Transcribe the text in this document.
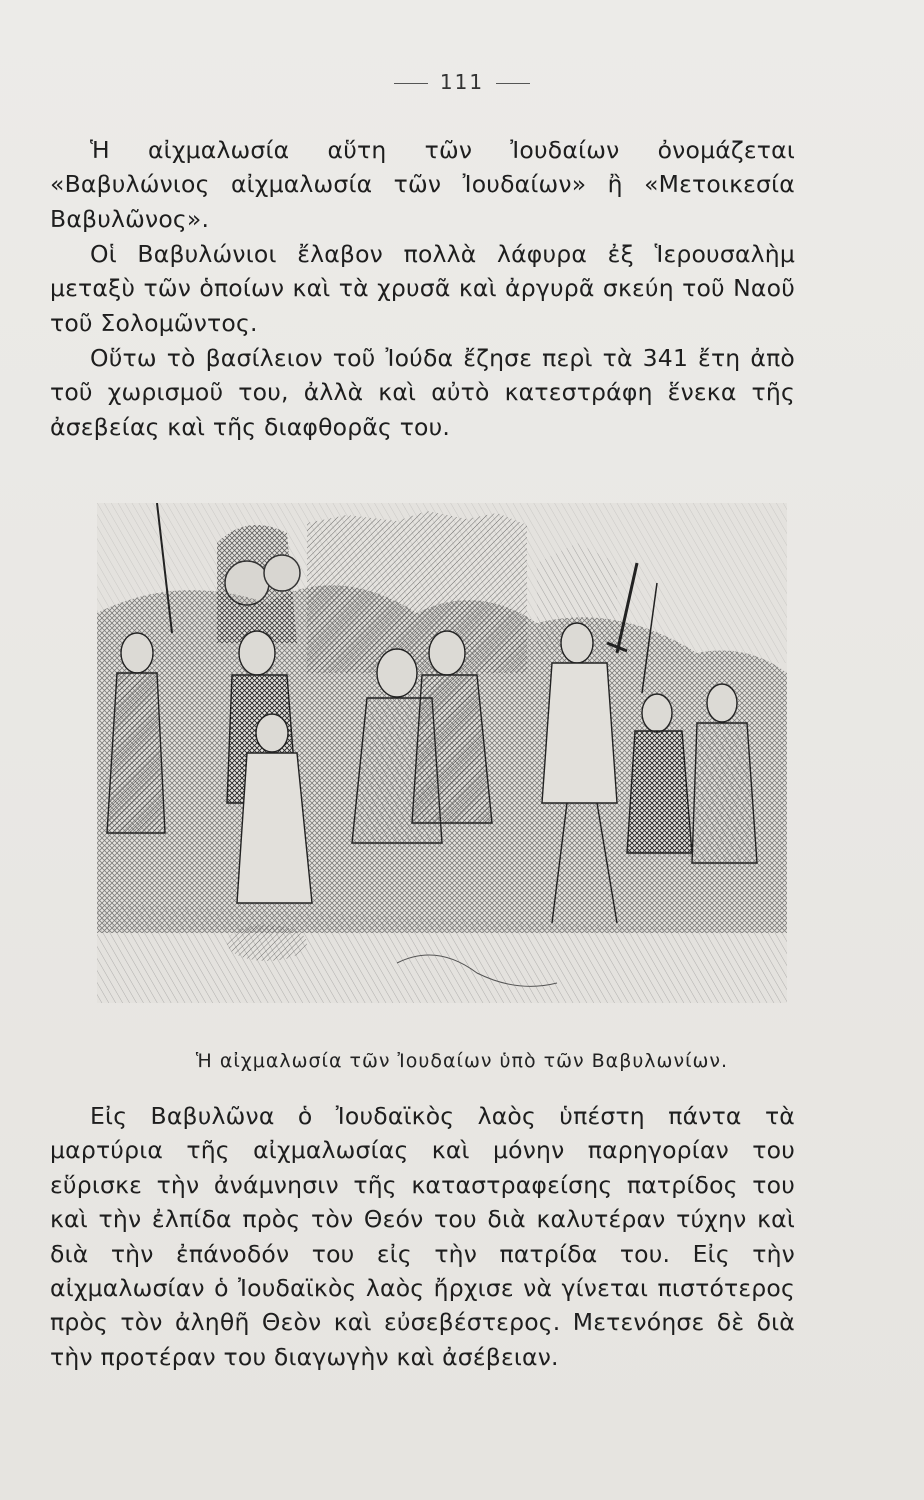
111

Ἡ αἰχμαλωσία αὕτη τῶν Ἰουδαίων ὀνομάζεται «Βαβυλώνιος αἰχμαλωσία τῶν Ἰουδαίων» ἢ «Μετοικεσία Βαβυλῶνος».

Οἱ Βαβυλώνιοι ἔλαβον πολλὰ λάφυρα ἐξ Ἱερουσαλὴμ μεταξὺ τῶν ὁποίων καὶ τὰ χρυσᾶ καὶ ἀργυρᾶ σκεύη τοῦ Ναοῦ τοῦ Σολομῶντος.

Οὕτω τὸ βασίλειον τοῦ Ἰούδα ἔζησε περὶ τὰ 341 ἔτη ἀπὸ τοῦ χωρισμοῦ του, ἀλλὰ καὶ αὐτὸ κατεστράφη ἕνεκα τῆς ἀσεβείας καὶ τῆς διαφθορᾶς του.

Ἡ αἰχμαλωσία τῶν Ἰουδαίων ὑπὸ τῶν Βαβυλωνίων.

Εἰς Βαβυλῶνα ὁ Ἰουδαϊκὸς λαὸς ὑπέστη πάντα τὰ μαρτύρια τῆς αἰχμαλωσίας καὶ μόνην παρηγορίαν του εὕρισκε τὴν ἀνάμνησιν τῆς καταστραφείσης πατρίδος του καὶ τὴν ἐλπίδα πρὸς τὸν Θεόν του διὰ καλυτέραν τύχην καὶ διὰ τὴν ἐπάνοδόν του εἰς τὴν πατρίδα του. Εἰς τὴν αἰχμαλωσίαν ὁ Ἰουδαϊκὸς λαὸς ἤρχισε νὰ γίνεται πιστότερος πρὸς τὸν ἀληθῆ Θεὸν καὶ εὐσεβέστερος. Μετενόησε δὲ διὰ τὴν προτέραν του διαγωγὴν καὶ ἀσέβειαν.
